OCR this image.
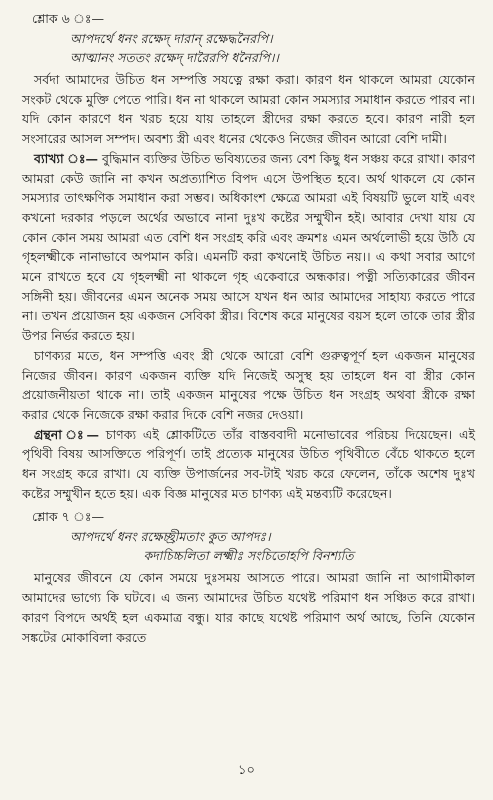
শ্লোক ৬ ঃ—

আপদর্থে ধনং রক্ষেদ্ দারান্‌ রক্ষেদ্ধনৈরপি।

আত্মানং সততং রক্ষেদ্ দারৈরপি ধনৈরপি।।

সর্বদা আমাদের উচিত ধন সম্পত্তি সযত্নে রক্ষা করা। কারণ ধন থাকলে আমরা যেকোন সংকট থেকে মুক্তি পেতে পারি। ধন না থাকলে আমরা কোন সমস্যার সমাধান করতে পারব না। যদি কোন কারণে ধন খরচ হয়ে যায় তাহলে স্ত্রীদের রক্ষা করতে হবে। কারণ নারী হল সংসারের আসল সম্পদ। অবশ্য স্ত্রী এবং ধনের থেকেও নিজের জীবন আরো বেশি দামী।

ব্যাখ্যা ঃ— বুদ্ধিমান ব্যক্তির উচিত ভবিষ্যতের জন্য বেশ কিছু ধন সঞ্চয় করে রাখা। কারণ আমরা কেউ জানি না কখন অপ্রত্যাশিত বিপদ এসে উপস্থিত হবে। অর্থ থাকলে যে কোন সমস্যার তাৎক্ষণিক সমাধান করা সম্ভব। অধিকাংশ ক্ষেত্রে আমরা এই বিষয়টি ভুলে যাই এবং কখনো দরকার পড়লে অর্থের অভাবে নানা দুঃখ কষ্টের সম্মুখীন হই। আবার দেখা যায় যে কোন কোন সময় আমরা এত বেশি ধন সংগ্রহ করি এবং ক্রমশঃ এমন অর্থলোভী হয়ে উঠি যে গৃহলক্ষ্মীকে নানাভাবে অপমান করি। এমনটি করা কখনোই উচিত নয়।। এ কথা সবার আগে মনে রাখতে হবে যে গৃহলক্ষ্মী না থাকলে গৃহ একেবারে অন্ধকার। পত্নী সত্যিকারের জীবন সঙ্গিনী হয়। জীবনের এমন অনেক সময় আসে যখন ধন আর আমাদের সাহায্য করতে পারে না। তখন প্রয়োজন হয় একজন সেবিকা স্ত্রীর। বিশেষ করে মানুষের বয়স হলে তাকে তার স্ত্রীর উপর নির্ভর করতে হয়।

চাণক্যর মতে, ধন সম্পত্তি এবং স্ত্রী থেকে আরো বেশি গুরুত্বপূর্ণ হল একজন মানুষের নিজের জীবন। কারণ একজন ব্যক্তি যদি নিজেই অসুস্থ হয় তাহলে ধন বা স্ত্রীর কোন প্রয়োজনীয়তা থাকে না। তাই একজন মানুষের পক্ষে উচিত ধন সংগ্রহ অথবা স্ত্রীকে রক্ষা করার থেকে নিজেকে রক্ষা করার দিকে বেশি নজর দেওয়া।

গ্রন্থনা ঃ— চাণক্য এই শ্লোকটিতে তাঁর বাস্তববাদী মনোভাবের পরিচয় দিয়েছেন। এই পৃথিবী বিষয় আসক্তিতে পরিপূর্ণ। তাই প্রত্যেক মানুষের উচিত পৃথিবীতে বেঁচে থাকতে হলে ধন সংগ্রহ করে রাখা। যে ব্যক্তি উপার্জনের সব-টাই খরচ করে ফেলেন, তাঁকে অশেষ দুঃখ কষ্টের সম্মুখীন হতে হয়। এক বিজ্ঞ মানুষের মত চাণক্য এই মন্তব্যটি করেছেন।

শ্লোক ৭ ঃ—

আপদর্থে ধনং রক্ষেচ্ছ্রীমতাং কুত আপদঃ।

কদাচিচ্চলিতা লক্ষ্মীঃ সংচিতোহপি বিনশ্যতি

মানুষের জীবনে যে কোন সময়ে দুঃসময় আসতে পারে। আমরা জানি না আগামীকাল আমাদের ভাগ্যে কি ঘটবে। এ জন্য আমাদের উচিত যথেষ্ট পরিমাণ ধন সঞ্চিত করে রাখা। কারণ বিপদে অর্থই হল একমাত্র বন্ধু। যার কাছে যথেষ্ট পরিমাণ অর্থ আছে, তিনি যেকোন সঙ্কটের মোকাবিলা করতে

১০
